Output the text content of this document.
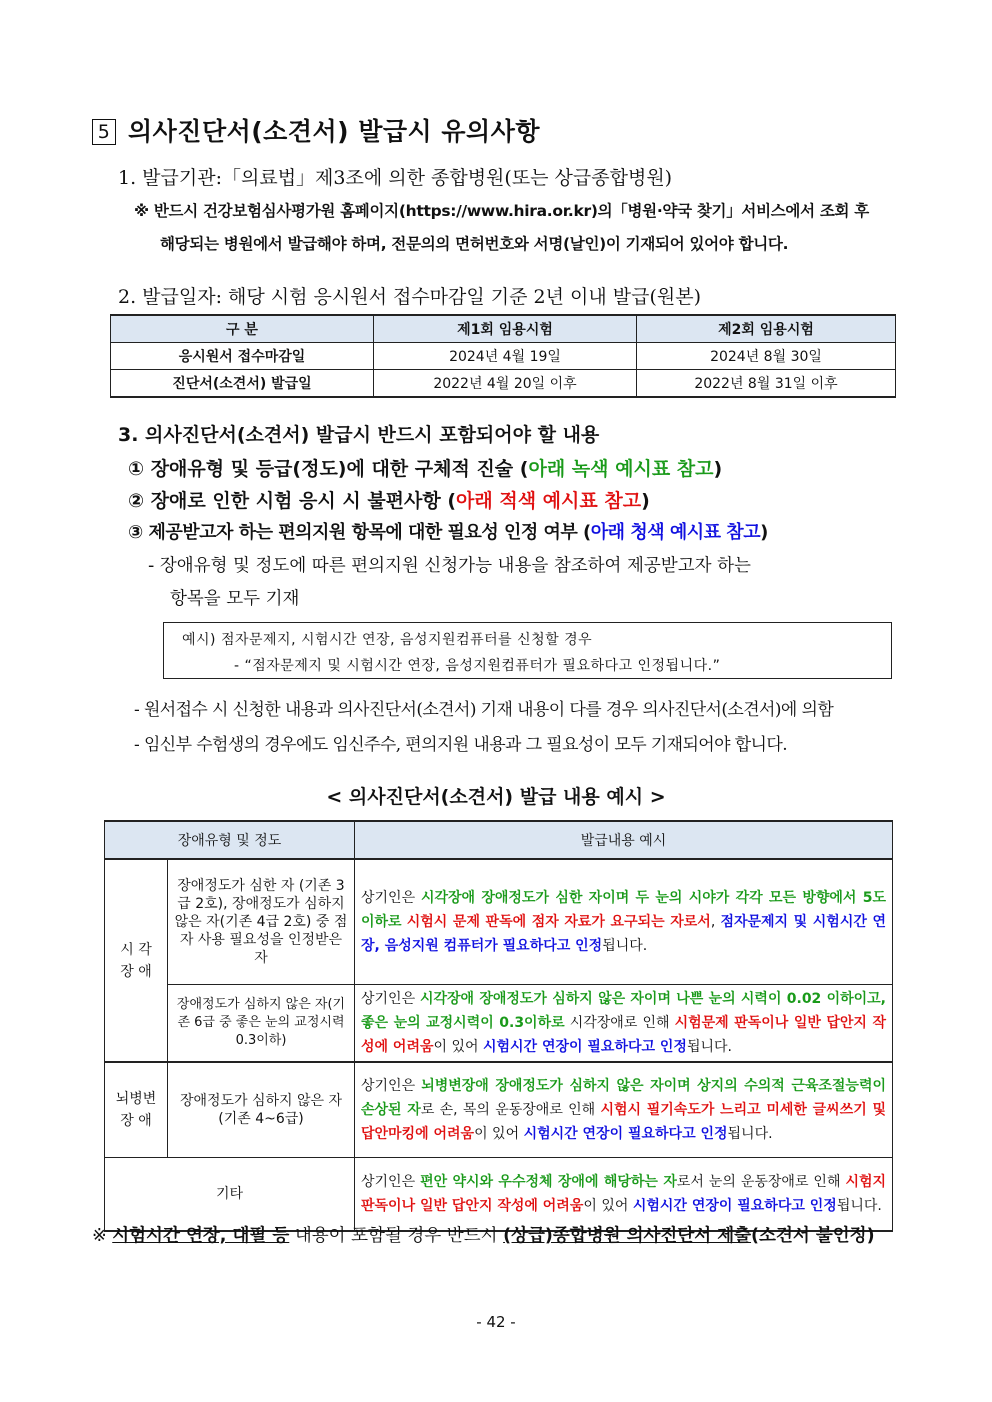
5 의사진단서(소견서) 발급시 유의사항
1. 발급기관:「의료법」제3조에 의한 종합병원(또는 상급종합병원)
※ 반드시 건강보험심사평가원 홈페이지(https://www.hira.or.kr)의「병원·약국 찾기」서비스에서 조회 후
해당되는 병원에서 발급해야 하며, 전문의의 면허번호와 서명(날인)이 기재되어 있어야 합니다.
2. 발급일자: 해당 시험 응시원서 접수마감일 기준 2년 이내 발급(원본)
구 분	제1회 임용시험	제2회 임용시험
응시원서 접수마감일	2024년 4월 19일	2024년 8월 30일
진단서(소견서) 발급일	2022년 4월 20일 이후	2022년 8월 31일 이후
3. 의사진단서(소견서) 발급시 반드시 포함되어야 할 내용
① 장애유형 및 등급(정도)에 대한 구체적 진술 (아래 녹색 예시표 참고)
② 장애로 인한 시험 응시 시 불편사항 (아래 적색 예시표 참고)
③ 제공받고자 하는 편의지원 항목에 대한 필요성 인정 여부 (아래 청색 예시표 참고)
- 장애유형 및 정도에 따른 편의지원 신청가능 내용을 참조하여 제공받고자 하는
항목을 모두 기재
예시) 점자문제지, 시험시간 연장, 음성지원컴퓨터를 신청할 경우
- “점자문제지 및 시험시간 연장, 음성지원컴퓨터가 필요하다고 인정됩니다.”
- 원서접수 시 신청한 내용과 의사진단서(소견서) 기재 내용이 다를 경우 의사진단서(소견서)에 의함
- 임신부 수험생의 경우에도 임신주수, 편의지원 내용과 그 필요성이 모두 기재되어야 합니다.
< 의사진단서(소견서) 발급 내용 예시 >
장애유형 및 정도		발급내용 예시
시 각
장 애	장애정도가 심한 자 (기존 3급 2호), 장애정도가 심하지 않은 자(기존 4급 2호) 중 점자 사용 필요성을 인정받은 자	상기인은 시각장애 장애정도가 심한 자이며 두 눈의 시야가 각각 모든 방향에서 5도 이하로 시험시 문제 판독에 점자 자료가 요구되는 자로서, 점자문제지 및 시험시간 연장, 음성지원 컴퓨터가 필요하다고 인정됩니다.
	장애정도가 심하지 않은 자(기존 6급 중 좋은 눈의 교정시력 0.3이하)	상기인은 시각장애 장애정도가 심하지 않은 자이며 나쁜 눈의 시력이 0.02 이하이고, 좋은 눈의 교정시력이 0.3이하로 시각장애로 인해 시험문제 판독이나 일반 답안지 작성에 어려움이 있어 시험시간 연장이 필요하다고 인정됩니다.
뇌병변
장 애	장애정도가 심하지 않은 자(기존 4~6급)	상기인은 뇌병변장애 장애정도가 심하지 않은 자이며 상지의 수의적 근육조절능력이 손상된 자로 손, 목의 운동장애로 인해 시험시 필기속도가 느리고 미세한 글씨쓰기 및 답안마킹에 어려움이 있어 시험시간 연장이 필요하다고 인정됩니다.
기타		상기인은 편안 약시와 우수정체 장애에 해당하는 자로서 눈의 운동장애로 인해 시험지 판독이나 일반 답안지 작성에 어려움이 있어 시험시간 연장이 필요하다고 인정됩니다.
※ 시험시간 연장, 대필 등 내용이 포함될 경우 반드시 (상급)종합병원 의사진단서 제출(소견서 불인정)
- 42 -
